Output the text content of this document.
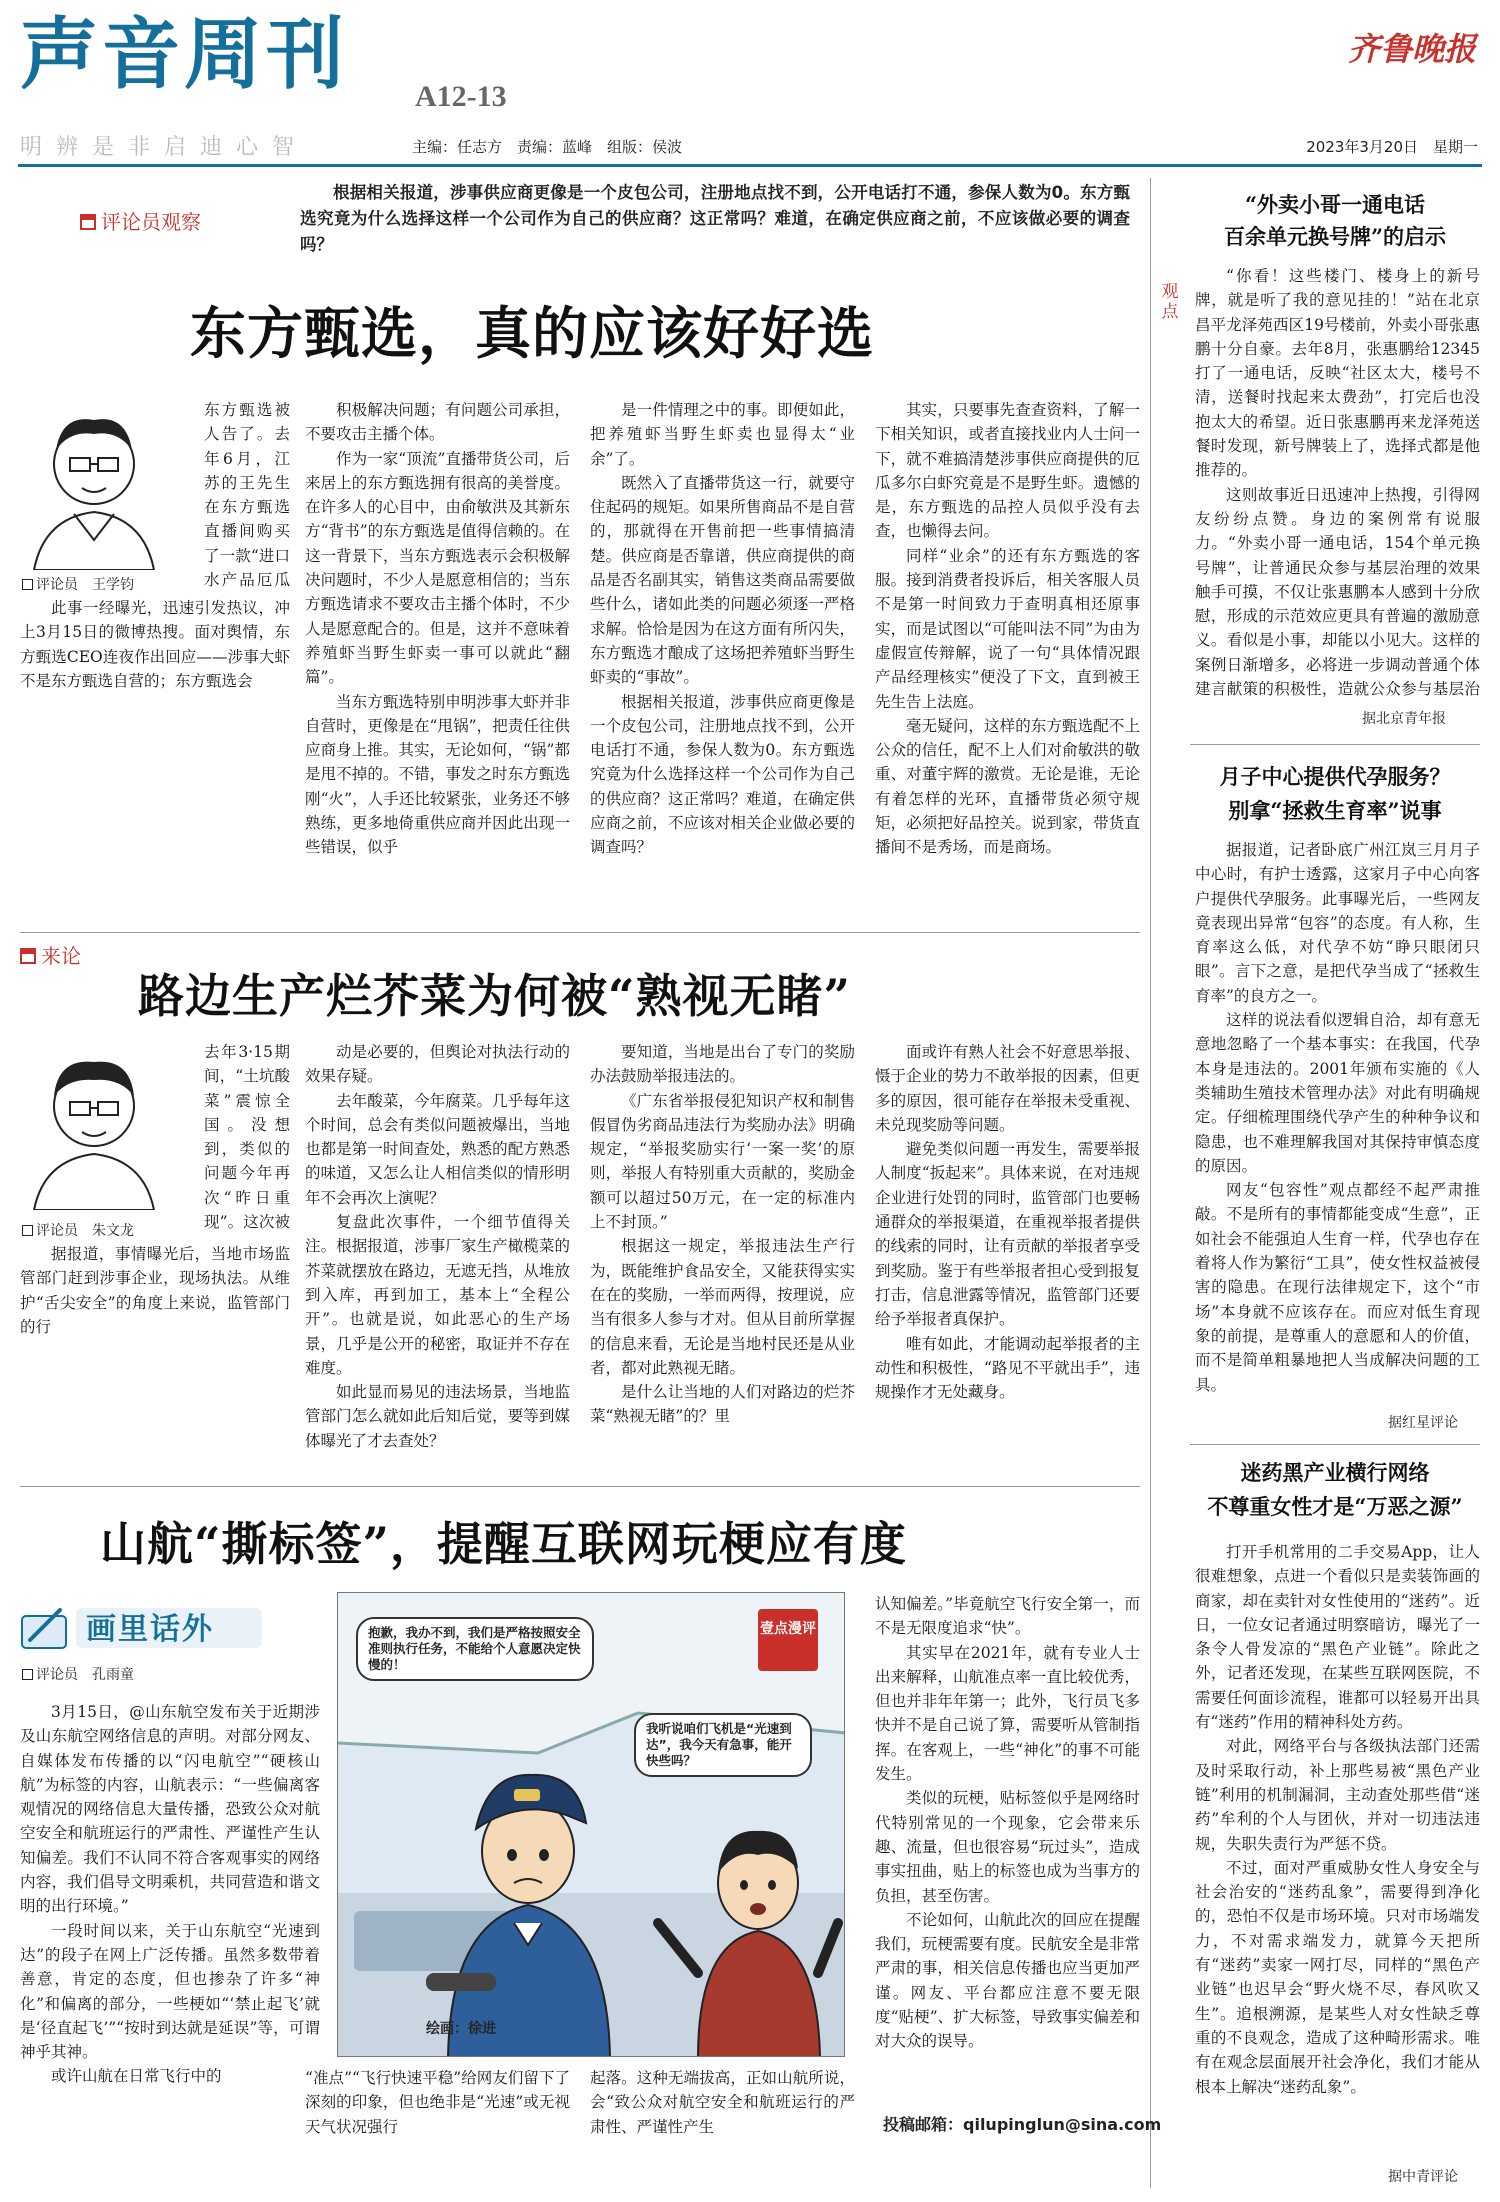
声音周刊 A12-13
明辨是非启迪心智	主编：任志方　责编：蓝峰　组版：侯波
齐鲁晚报
2023年3月20日　星期一
评论员观察
根据相关报道，涉事供应商更像是一个皮包公司，注册地点找不到，公开电话打不通，参保人数为0。东方甄选究竟为什么选择这样一个公司作为自己的供应商？这正常吗？难道，在确定供应商之前，不应该做必要的调查吗？
东方甄选，真的应该好好选
评论员　王学钧
东方甄选被人告了。去年6月，江苏的王先生在东方甄选直播间购买了一款“进口水产品厄瓜
此事一经曝光，迅速引发热议，冲上3月15日的微博热搜。面对舆情，东方甄选CEO连夜作出回应——涉事大虾不是东方甄选自营的；东方甄选会

积极解决问题；有问题公司承担，不要攻击主播个体。

作为一家“顶流”直播带货公司，后来居上的东方甄选拥有很高的美誉度。在许多人的心目中，由俞敏洪及其新东方“背书”的东方甄选是值得信赖的。在这一背景下，当东方甄选表示会积极解决问题时，不少人是愿意相信的；当东方甄选请求不要攻击主播个体时，不少人是愿意配合的。但是，这并不意味着养殖虾当野生虾卖一事可以就此“翻篇”。

当东方甄选特别申明涉事大虾并非自营时，更像是在“甩锅”，把责任往供应商身上推。其实，无论如何，“锅”都是甩不掉的。不错，事发之时东方甄选刚“火”，人手还比较紧张，业务还不够熟练，更多地倚重供应商并因此出现一些错误，似乎

是一件情理之中的事。即便如此，把养殖虾当野生虾卖也显得太“业余”了。

既然入了直播带货这一行，就要守住起码的规矩。如果所售商品不是自营的，那就得在开售前把一些事情搞清楚。供应商是否靠谱，供应商提供的商品是否名副其实，销售这类商品需要做些什么，诸如此类的问题必须逐一严格求解。恰恰是因为在这方面有所闪失，东方甄选才酿成了这场把养殖虾当野生虾卖的“事故”。

根据相关报道，涉事供应商更像是一个皮包公司，注册地点找不到，公开电话打不通，参保人数为0。东方甄选究竟为什么选择这样一个公司作为自己的供应商？这正常吗？难道，在确定供应商之前，不应该对相关企业做必要的调查吗？

其实，只要事先查查资料，了解一下相关知识，或者直接找业内人士问一下，就不难搞清楚涉事供应商提供的厄瓜多尔白虾究竟是不是野生虾。遗憾的是，东方甄选的品控人员似乎没有去查，也懒得去问。

同样“业余”的还有东方甄选的客服。接到消费者投诉后，相关客服人员不是第一时间致力于查明真相还原事实，而是试图以“可能叫法不同”为由为虚假宣传辩解，说了一句“具体情况跟产品经理核实”便没了下文，直到被王先生告上法庭。

毫无疑问，这样的东方甄选配不上公众的信任，配不上人们对俞敏洪的敬重、对董宇辉的激赏。无论是谁，无论有着怎样的光环，直播带货必须守规矩，必须把好品控关。说到家，带货直播间不是秀场，而是商场。

来论
路边生产烂芥菜为何被“熟视无睹”
评论员　朱文龙
去年3·15期间，“土坑酸菜”震惊全国。没想到，类似的问题今年再次“昨日重现”。这次被
据报道，事情曝光后，当地市场监管部门赶到涉事企业，现场执法。从维护“舌尖安全”的角度上来说，监管部门的行

动是必要的，但舆论对执法行动的效果存疑。

去年酸菜，今年腐菜。几乎每年这个时间，总会有类似问题被爆出，当地也都是第一时间查处，熟悉的配方熟悉的味道，又怎么让人相信类似的情形明年不会再次上演呢？

复盘此次事件，一个细节值得关注。根据报道，涉事厂家生产橄榄菜的芥菜就摆放在路边，无遮无挡，从堆放到入库，再到加工，基本上“全程公开”。也就是说，如此恶心的生产场景，几乎是公开的秘密，取证并不存在难度。

如此显而易见的违法场景，当地监管部门怎么就如此后知后觉，要等到媒体曝光了才去查处？

要知道，当地是出台了专门的奖励办法鼓励举报违法的。

《广东省举报侵犯知识产权和制售假冒伪劣商品违法行为奖励办法》明确规定，“举报奖励实行‘一案一奖’的原则，举报人有特别重大贡献的，奖励金额可以超过50万元，在一定的标准内上不封顶。”

根据这一规定，举报违法生产行为，既能维护食品安全，又能获得实实在在的奖励，一举而两得，按理说，应当有很多人参与才对。但从目前所掌握的信息来看，无论是当地村民还是从业者，都对此熟视无睹。

是什么让当地的人们对路边的烂芥菜“熟视无睹”的？里

面或许有熟人社会不好意思举报、慑于企业的势力不敢举报的因素，但更多的原因，很可能存在举报未受重视、未兑现奖励等问题。

避免类似问题一再发生，需要举报人制度“扳起来”。具体来说，在对违规企业进行处罚的同时，监管部门也要畅通群众的举报渠道，在重视举报者提供的线索的同时，让有贡献的举报者享受到奖励。鉴于有些举报者担心受到报复打击，信息泄露等情况，监管部门还要给予举报者真保护。

唯有如此，才能调动起举报者的主动性和积极性，“路见不平就出手”，违规操作才无处藏身。

山航“撕标签”，提醒互联网玩梗应有度
画里话外
评论员　孔雨童

3月15日，@山东航空发布关于近期涉及山东航空网络信息的声明。对部分网友、自媒体发布传播的以“闪电航空”“硬核山航”为标签的内容，山航表示：“一些偏离客观情况的网络信息大量传播，恐致公众对航空安全和航班运行的严肃性、严谨性产生认知偏差。我们不认同不符合客观事实的网络内容，我们倡导文明乘机，共同营造和谐文明的出行环境。”

一段时间以来，关于山东航空“光速到达”的段子在网上广泛传播。虽然多数带着善意，肯定的态度，但也掺杂了许多“神化”和偏离的部分，一些梗如“‘禁止起飞’就是‘径直起飞’”“按时到达就是延误”等，可谓神乎其神。

或许山航在日常飞行中的

抱歉，我办不到，我们是严格按照安全准则执行任务，不能给个人意愿决定快慢的！
我听说咱们飞机是“光速到达”，我今天有急事，能开快些吗？
壹点漫评
绘画：徐进
“准点”“飞行快速平稳”给网友们留下了深刻的印象，但也绝非是“光速”或无视天气状况强行
起落。这种无端拔高，正如山航所说，会“致公众对航空安全和航班运行的严肃性、严谨性产生

认知偏差。”毕竟航空飞行安全第一，而不是无限度追求“快”。

其实早在2021年，就有专业人士出来解释，山航准点率一直比较优秀，但也并非年年第一；此外，飞行员飞多快并不是自己说了算，需要听从管制指挥。在客观上，一些“神化”的事不可能发生。

类似的玩梗，贴标签似乎是网络时代特别常见的一个现象，它会带来乐趣、流量，但也很容易“玩过头”，造成事实扭曲，贴上的标签也成为当事方的负担，甚至伤害。

不论如何，山航此次的回应在提醒我们，玩梗需要有度。民航安全是非常严肃的事，相关信息传播也应当更加严谨。网友、平台都应注意不要无限度“贴梗”、扩大标签，导致事实偏差和对大众的误导。

投稿邮箱：qilupinglun@sina.com
观点
“外卖小哥一通电话
百余单元换号牌”的启示

“你看！这些楼门、楼身上的新号牌，就是听了我的意见挂的！”站在北京昌平龙泽苑西区19号楼前，外卖小哥张惠鹏十分自豪。去年8月，张惠鹏给12345打了一通电话，反映“社区太大，楼号不清，送餐时找起来太费劲”，打完后也没抱太大的希望。近日张惠鹏再来龙泽苑送餐时发现，新号牌装上了，选择式都是他推荐的。

这则故事近日迅速冲上热搜，引得网友纷纷点赞。身边的案例常有说服力。“外卖小哥一通电话，154个单元换号牌”，让普通民众参与基层治理的效果触手可摸，不仅让张惠鹏本人感到十分欣慰，形成的示范效应更具有普遍的激励意义。看似是小事，却能以小见大。这样的案例日渐增多，必将进一步调动普通个体建言献策的积极性，造就公众参与基层治

据北京青年报
月子中心提供代孕服务？
别拿“拯救生育率”说事

据报道，记者卧底广州江岚三月月子中心时，有护士透露，这家月子中心向客户提供代孕服务。此事曝光后，一些网友竟表现出异常“包容”的态度。有人称，生育率这么低，对代孕不妨“睁只眼闭只眼”。言下之意，是把代孕当成了“拯救生育率”的良方之一。

这样的说法看似逻辑自洽，却有意无意地忽略了一个基本事实：在我国，代孕本身是违法的。2001年颁布实施的《人类辅助生殖技术管理办法》对此有明确规定。仔细梳理围绕代孕产生的种种争议和隐患，也不难理解我国对其保持审慎态度的原因。

网友“包容性”观点都经不起严肃推敲。不是所有的事情都能变成“生意”，正如社会不能强迫人生育一样，代孕也存在着将人作为繁衍“工具”，使女性权益被侵害的隐患。在现行法律规定下，这个“市场”本身就不应该存在。而应对低生育现象的前提，是尊重人的意愿和人的价值，而不是简单粗暴地把人当成解决问题的工具。

据红星评论
迷药黑产业横行网络
不尊重女性才是“万恶之源”

打开手机常用的二手交易App，让人很难想象，点进一个看似只是卖装饰画的商家，却在卖针对女性使用的“迷药”。近日，一位女记者通过明察暗访，曝光了一条令人骨发凉的“黑色产业链”。除此之外，记者还发现，在某些互联网医院，不需要任何面诊流程，谁都可以轻易开出具有“迷药”作用的精神科处方药。

对此，网络平台与各级执法部门还需及时采取行动，补上那些易被“黑色产业链”利用的机制漏洞，主动查处那些借“迷药”牟利的个人与团伙，并对一切违法违规，失职失责行为严惩不贷。

不过，面对严重威胁女性人身安全与社会治安的“迷药乱象”，需要得到净化的，恐怕不仅是市场环境。只对市场端发力，不对需求端发力，就算今天把所有“迷药”卖家一网打尽，同样的“黑色产业链”也迟早会“野火烧不尽，春风吹又生”。追根溯源，是某些人对女性缺乏尊重的不良观念，造成了这种畸形需求。唯有在观念层面展开社会净化，我们才能从根本上解决“迷药乱象”。

据中青评论
